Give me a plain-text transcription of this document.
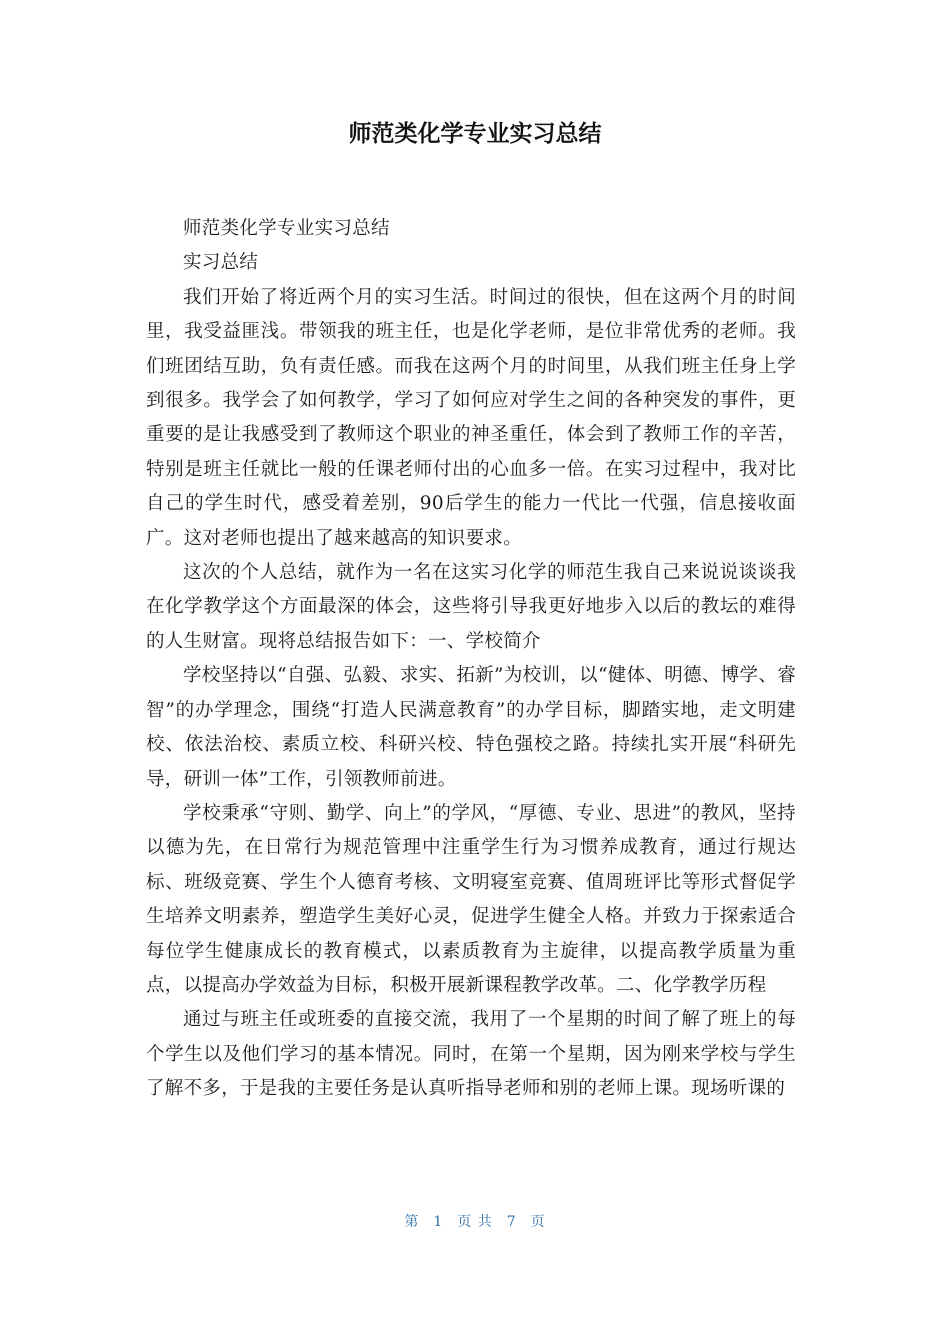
师范类化学专业实习总结

师范类化学专业实习总结

实习总结

我们开始了将近两个月的实习生活。时间过的很快，但在这两个月的时间里，我受益匪浅。带领我的班主任，也是化学老师，是位非常优秀的老师。我们班团结互助，负有责任感。而我在这两个月的时间里，从我们班主任身上学到很多。我学会了如何教学，学习了如何应对学生之间的各种突发的事件，更重要的是让我感受到了教师这个职业的神圣重任，体会到了教师工作的辛苦，特别是班主任就比一般的任课老师付出的心血多一倍。在实习过程中，我对比自己的学生时代，感受着差别，90后学生的能力一代比一代强，信息接收面广。这对老师也提出了越来越高的知识要求。

这次的个人总结，就作为一名在这实习化学的师范生我自己来说说谈谈我在化学教学这个方面最深的体会，这些将引导我更好地步入以后的教坛的难得的人生财富。现将总结报告如下：一、学校简介

学校坚持以“自强、弘毅、求实、拓新”为校训，以“健体、明德、博学、睿智”的办学理念，围绕“打造人民满意教育”的办学目标，脚踏实地，走文明建校、依法治校、素质立校、科研兴校、特色强校之路。持续扎实开展“科研先导，研训一体”工作，引领教师前进。

学校秉承“守则、勤学、向上”的学风，“厚德、专业、思进”的教风，坚持以德为先，在日常行为规范管理中注重学生行为习惯养成教育，通过行规达标、班级竞赛、学生个人德育考核、文明寝室竞赛、值周班评比等形式督促学生培养文明素养，塑造学生美好心灵，促进学生健全人格。并致力于探索适合每位学生健康成长的教育模式，以素质教育为主旋律，以提高教学质量为重点，以提高办学效益为目标，积极开展新课程教学改革。二、化学教学历程

通过与班主任或班委的直接交流，我用了一个星期的时间了解了班上的每个学生以及他们学习的基本情况。同时，在第一个星期，因为刚来学校与学生了解不多，于是我的主要任务是认真听指导老师和别的老师上课。现场听课的

第 1 页 共 7 页
